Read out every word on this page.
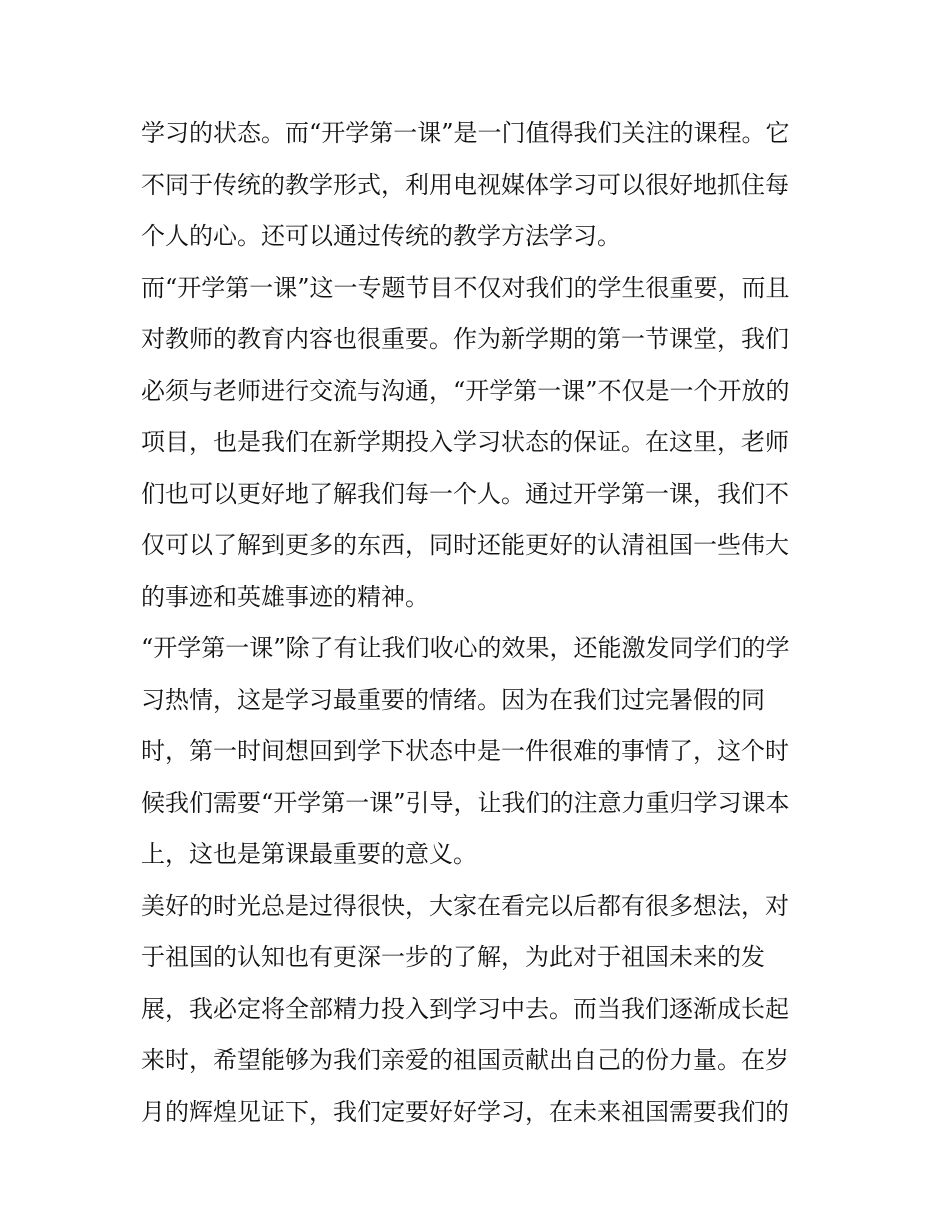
学习的状态。而“开学第一课”是一门值得我们关注的课程。它
不同于传统的教学形式，利用电视媒体学习可以很好地抓住每
个人的心。还可以通过传统的教学方法学习。
而“开学第一课”这一专题节目不仅对我们的学生很重要，而且
对教师的教育内容也很重要。作为新学期的第一节课堂，我们
必须与老师进行交流与沟通，“开学第一课”不仅是一个开放的
项目，也是我们在新学期投入学习状态的保证。在这里，老师
们也可以更好地了解我们每一个人。通过开学第一课，我们不
仅可以了解到更多的东西，同时还能更好的认清祖国一些伟大
的事迹和英雄事迹的精神。
“开学第一课”除了有让我们收心的效果，还能激发同学们的学
习热情，这是学习最重要的情绪。因为在我们过完暑假的同
时，第一时间想回到学下状态中是一件很难的事情了，这个时
候我们需要“开学第一课”引导，让我们的注意力重归学习课本
上，这也是第课最重要的意义。
美好的时光总是过得很快，大家在看完以后都有很多想法，对
于祖国的认知也有更深一步的了解，为此对于祖国未来的发
展，我必定将全部精力投入到学习中去。而当我们逐渐成长起
来时，希望能够为我们亲爱的祖国贡献出自己的份力量。在岁
月的辉煌见证下，我们定要好好学习，在未来祖国需要我们的
